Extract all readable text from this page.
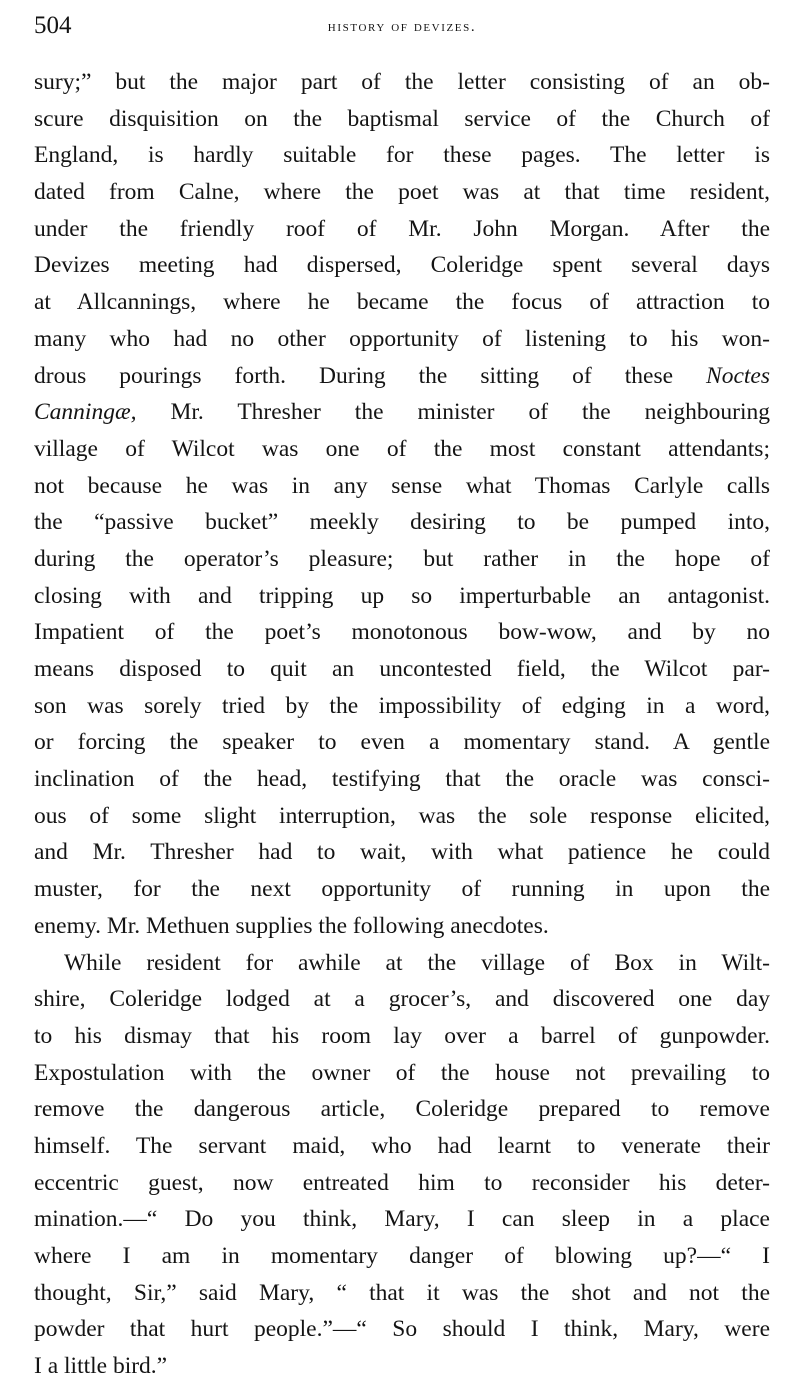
504	history of devizes.
sury;” but the major part of the letter consisting of an ob-
scure disquisition on the baptismal service of the Church of
England, is hardly suitable for these pages. The letter is
dated from Calne, where the poet was at that time resident,
under the friendly roof of Mr. John Morgan. After the
Devizes meeting had dispersed, Coleridge spent several days
at Allcannings, where he became the focus of attraction to
many who had no other opportunity of listening to his won-
drous pourings forth. During the sitting of these Noctes
Canningæ, Mr. Thresher the minister of the neighbouring
village of Wilcot was one of the most constant attendants;
not because he was in any sense what Thomas Carlyle calls
the “passive bucket” meekly desiring to be pumped into,
during the operator’s pleasure; but rather in the hope of
closing with and tripping up so imperturbable an antagonist.
Impatient of the poet’s monotonous bow-wow, and by no
means disposed to quit an uncontested field, the Wilcot par-
son was sorely tried by the impossibility of edging in a word,
or forcing the speaker to even a momentary stand. A gentle
inclination of the head, testifying that the oracle was consci-
ous of some slight interruption, was the sole response elicited,
and Mr. Thresher had to wait, with what patience he could
muster, for the next opportunity of running in upon the
enemy. Mr. Methuen supplies the following anecdotes.
While resident for awhile at the village of Box in Wilt-
shire, Coleridge lodged at a grocer’s, and discovered one day
to his dismay that his room lay over a barrel of gunpowder.
Expostulation with the owner of the house not prevailing to
remove the dangerous article, Coleridge prepared to remove
himself. The servant maid, who had learnt to venerate their
eccentric guest, now entreated him to reconsider his deter-
mination.—“ Do you think, Mary, I can sleep in a place
where I am in momentary danger of blowing up?—“ I
thought, Sir,” said Mary, “ that it was the shot and not the
powder that hurt people.”—“ So should I think, Mary, were
I a little bird.”
